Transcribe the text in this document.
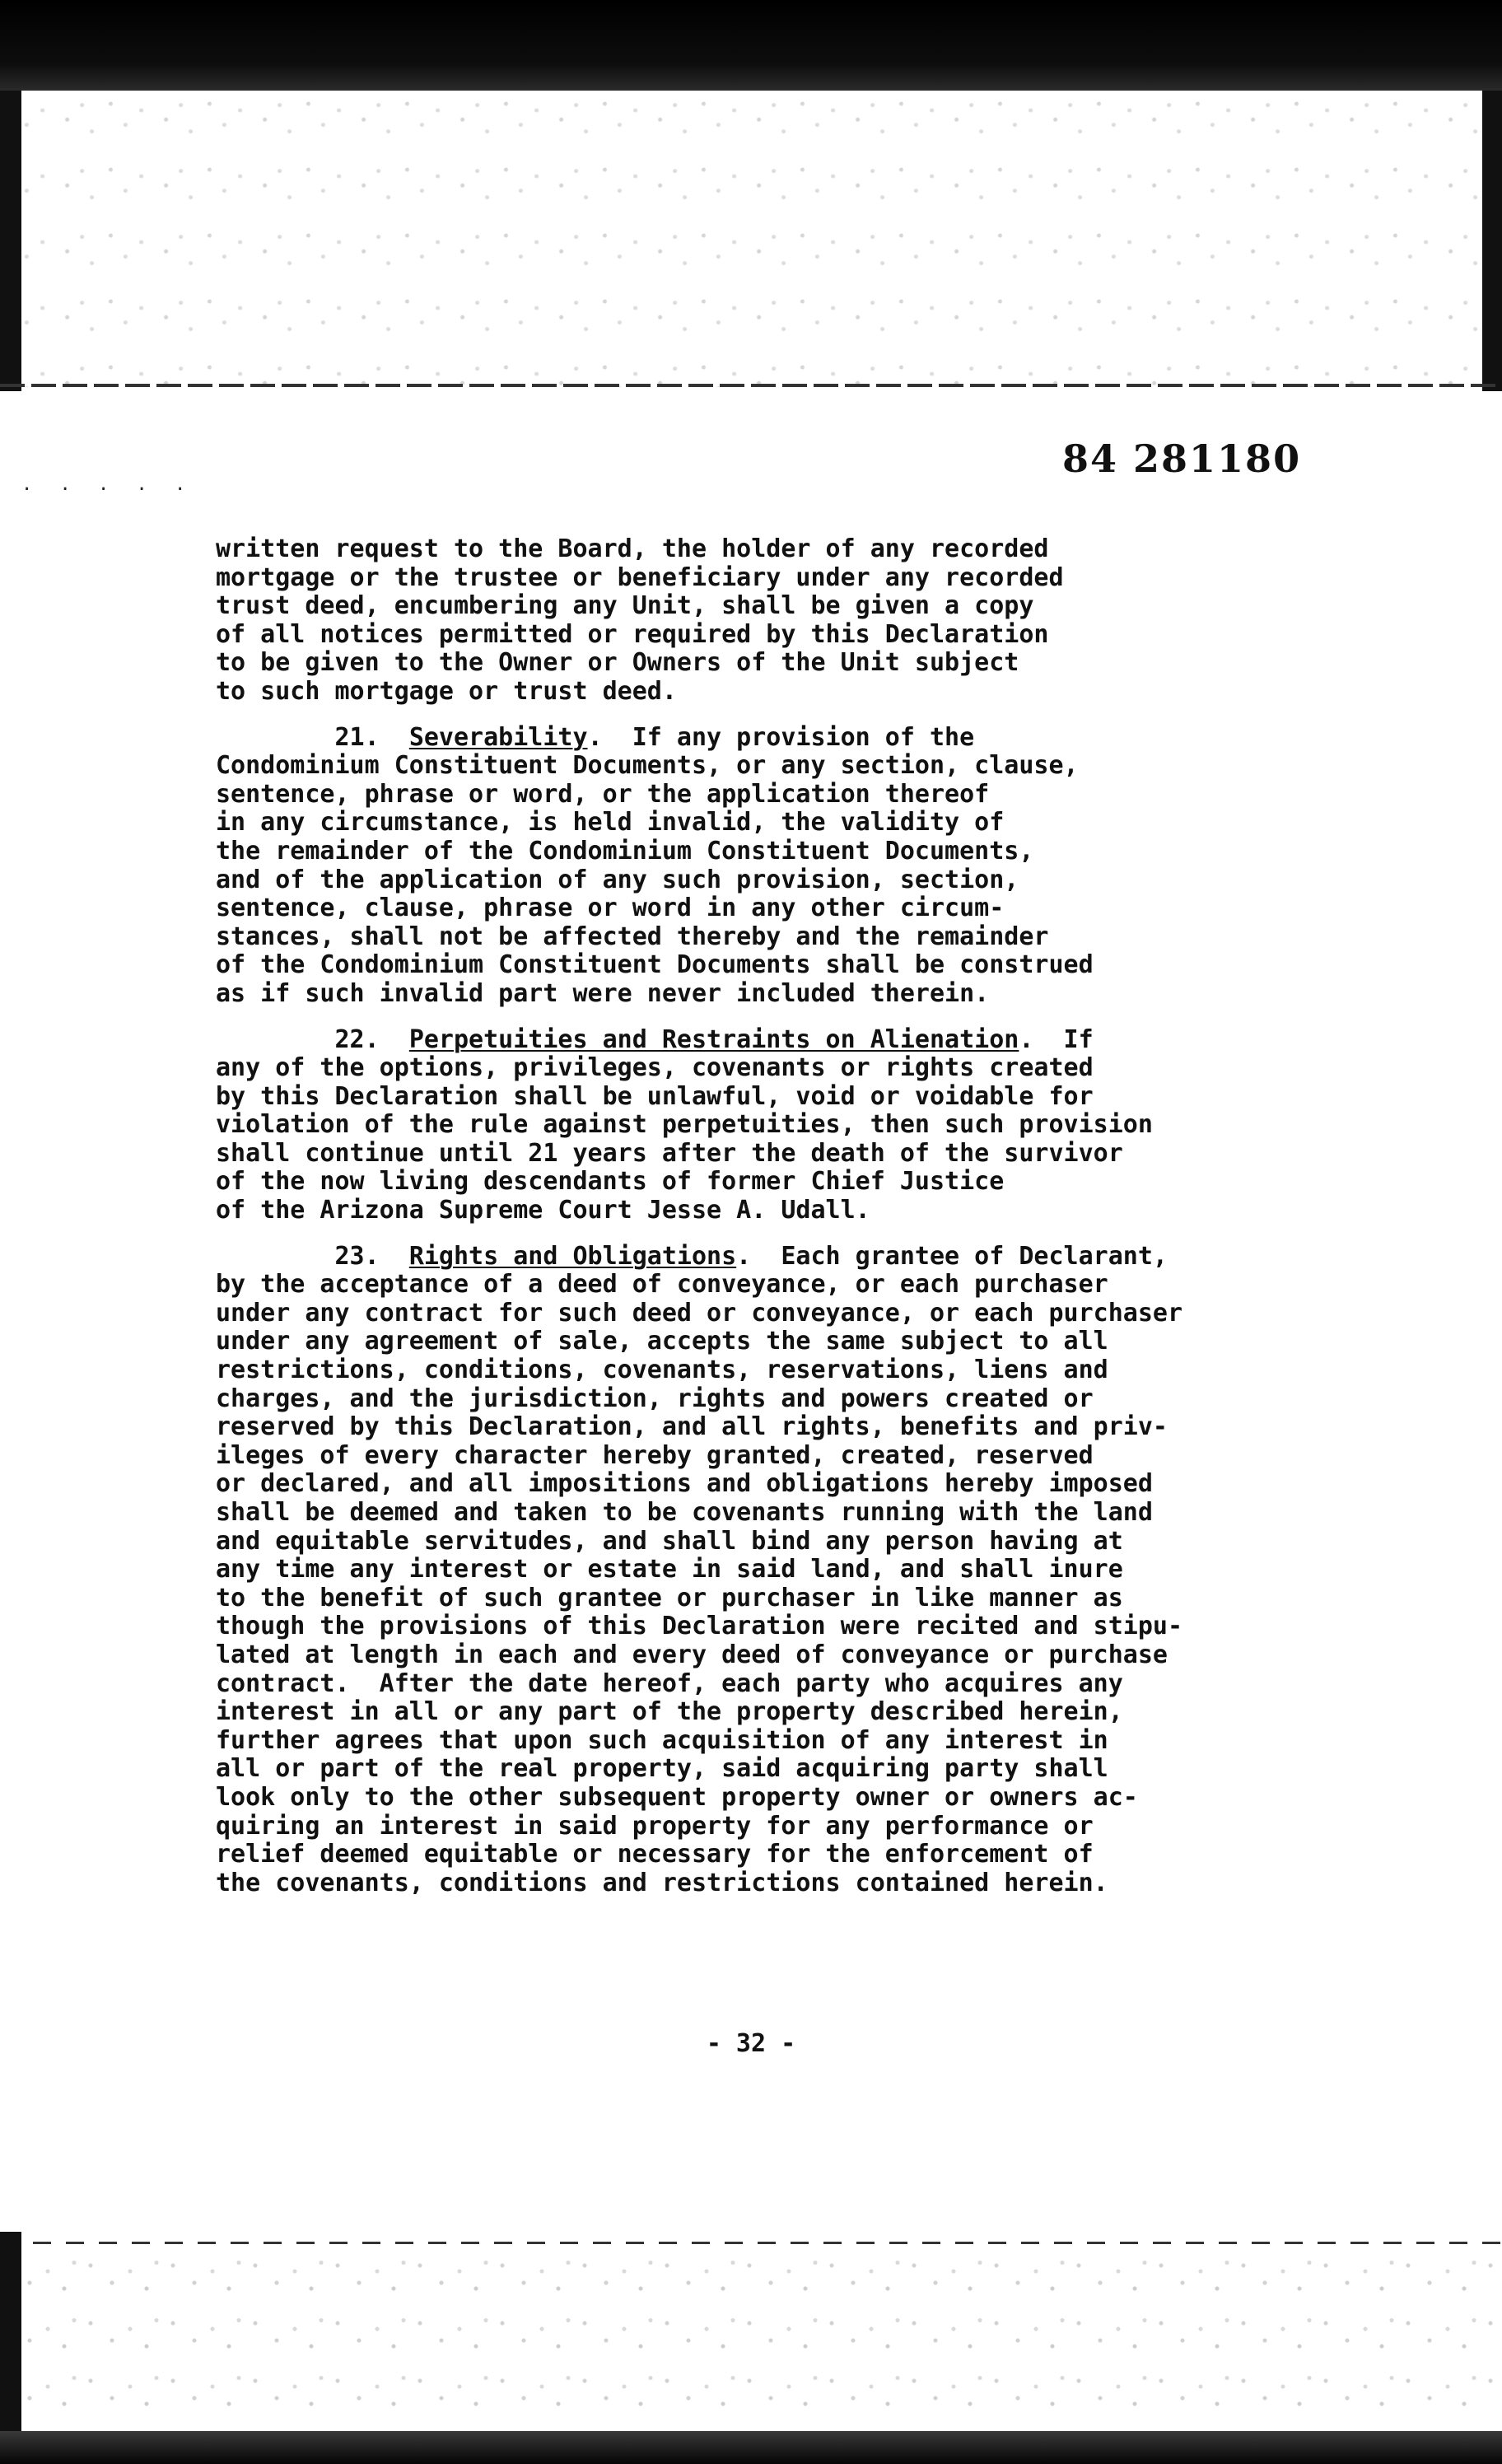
84 281180
. . . . .
written request to the Board, the holder of any recorded
mortgage or the trustee or beneficiary under any recorded
trust deed, encumbering any Unit, shall be given a copy
of all notices permitted or required by this Declaration
to be given to the Owner or Owners of the Unit subject
to such mortgage or trust deed.
21. Severability.  If any provision of the
Condominium Constituent Documents, or any section, clause,
sentence, phrase or word, or the application thereof
in any circumstance, is held invalid, the validity of
the remainder of the Condominium Constituent Documents,
and of the application of any such provision, section,
sentence, clause, phrase or word in any other circum-
stances, shall not be affected thereby and the remainder
of the Condominium Constituent Documents shall be construed
as if such invalid part were never included therein.
22. Perpetuities and Restraints on Alienation.  If
any of the options, privileges, covenants or rights created
by this Declaration shall be unlawful, void or voidable for
violation of the rule against perpetuities, then such provision
shall continue until 21 years after the death of the survivor
of the now living descendants of former Chief Justice
of the Arizona Supreme Court Jesse A. Udall.
23. Rights and Obligations.  Each grantee of Declarant,
by the acceptance of a deed of conveyance, or each purchaser
under any contract for such deed or conveyance, or each purchaser
under any agreement of sale, accepts the same subject to all
restrictions, conditions, covenants, reservations, liens and
charges, and the jurisdiction, rights and powers created or
reserved by this Declaration, and all rights, benefits and priv-
ileges of every character hereby granted, created, reserved
or declared, and all impositions and obligations hereby imposed
shall be deemed and taken to be covenants running with the land
and equitable servitudes, and shall bind any person having at
any time any interest or estate in said land, and shall inure
to the benefit of such grantee or purchaser in like manner as
though the provisions of this Declaration were recited and stipu-
lated at length in each and every deed of conveyance or purchase
contract.  After the date hereof, each party who acquires any
interest in all or any part of the property described herein,
further agrees that upon such acquisition of any interest in
all or part of the real property, said acquiring party shall
look only to the other subsequent property owner or owners ac-
quiring an interest in said property for any performance or
relief deemed equitable or necessary for the enforcement of
the covenants, conditions and restrictions contained herein.
- 32 -
